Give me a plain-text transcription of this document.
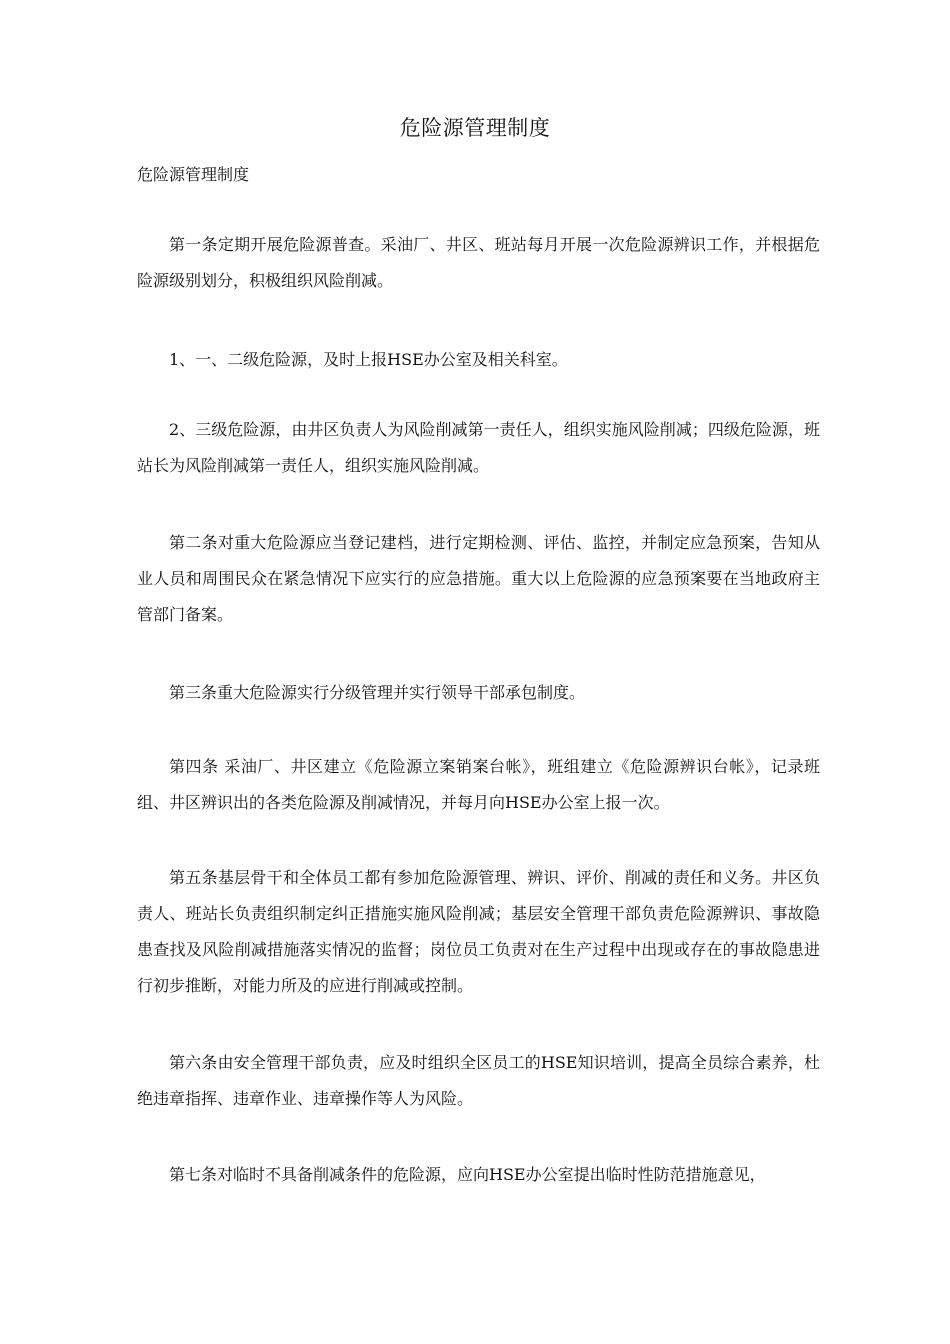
危险源管理制度
危险源管理制度

第一条定期开展危险源普查。采油厂、井区、班站每月开展一次危险源辨识工作，并根据危险源级别划分，积极组织风险削减。

1、一、二级危险源，及时上报HSE办公室及相关科室。

2、三级危险源，由井区负责人为风险削减第一责任人，组织实施风险削减；四级危险源，班站长为风险削减第一责任人，组织实施风险削减。

第二条对重大危险源应当登记建档，进行定期检测、评估、监控，并制定应急预案，告知从业人员和周围民众在紧急情况下应实行的应急措施。重大以上危险源的应急预案要在当地政府主管部门备案。

第三条重大危险源实行分级管理并实行领导干部承包制度。

第四条 采油厂、井区建立《危险源立案销案台帐》，班组建立《危险源辨识台帐》，记录班组、井区辨识出的各类危险源及削减情况，并每月向HSE办公室上报一次。

第五条基层骨干和全体员工都有参加危险源管理、辨识、评价、削减的责任和义务。井区负责人、班站长负责组织制定纠正措施实施风险削减；基层安全管理干部负责危险源辨识、事故隐患查找及风险削减措施落实情况的监督；岗位员工负责对在生产过程中出现或存在的事故隐患进行初步推断，对能力所及的应进行削减或控制。

第六条由安全管理干部负责，应及时组织全区员工的HSE知识培训，提高全员综合素养，杜绝违章指挥、违章作业、违章操作等人为风险。

第七条对临时不具备削减条件的危险源，应向HSE办公室提出临时性防范措施意见，
